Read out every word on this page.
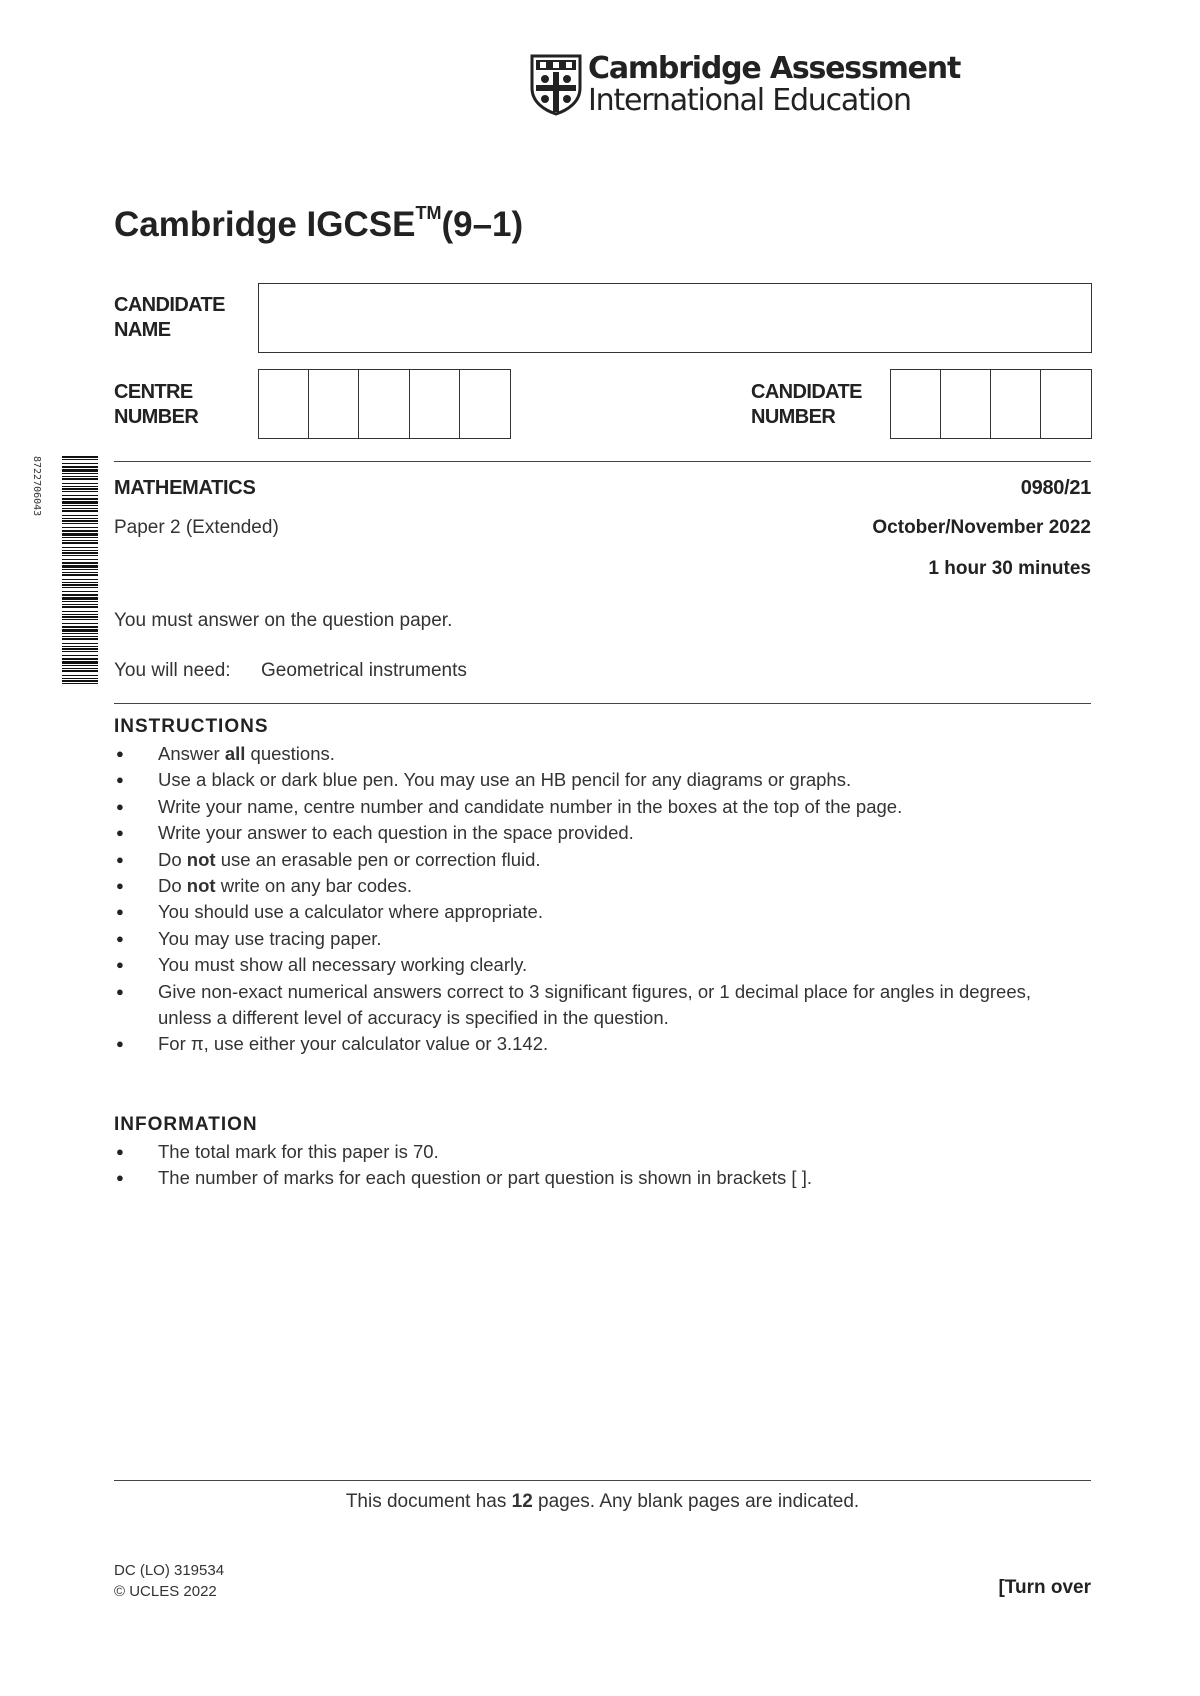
Cambridge Assessment
International Education
Cambridge IGCSE™(9–1)
CANDIDATE
NAME
CENTRE
NUMBER
CANDIDATE
NUMBER
8722706043	MATHEMATICS	0980/21
Paper 2 (Extended)	October/November 2022
1 hour 30 minutes
You must answer on the question paper.
You will need: Geometrical instruments
INSTRUCTIONS
● Answer all questions.
● Use a black or dark blue pen. You may use an HB pencil for any diagrams or graphs.
● Write your name, centre number and candidate number in the boxes at the top of the page.
● Write your answer to each question in the space provided.
● Do not use an erasable pen or correction fluid.
● Do not write on any bar codes.
● You should use a calculator where appropriate.
● You may use tracing paper.
● You must show all necessary working clearly.
● Give non-exact numerical answers correct to 3 significant figures, or 1 decimal place for angles in degrees, unless a different level of accuracy is specified in the question.
● For π, use either your calculator value or 3.142.
INFORMATION
● The total mark for this paper is 70.
● The number of marks for each question or part question is shown in brackets [ ].
This document has 12 pages. Any blank pages are indicated.
DC (LO) 319534
© UCLES 2022	[Turn over
